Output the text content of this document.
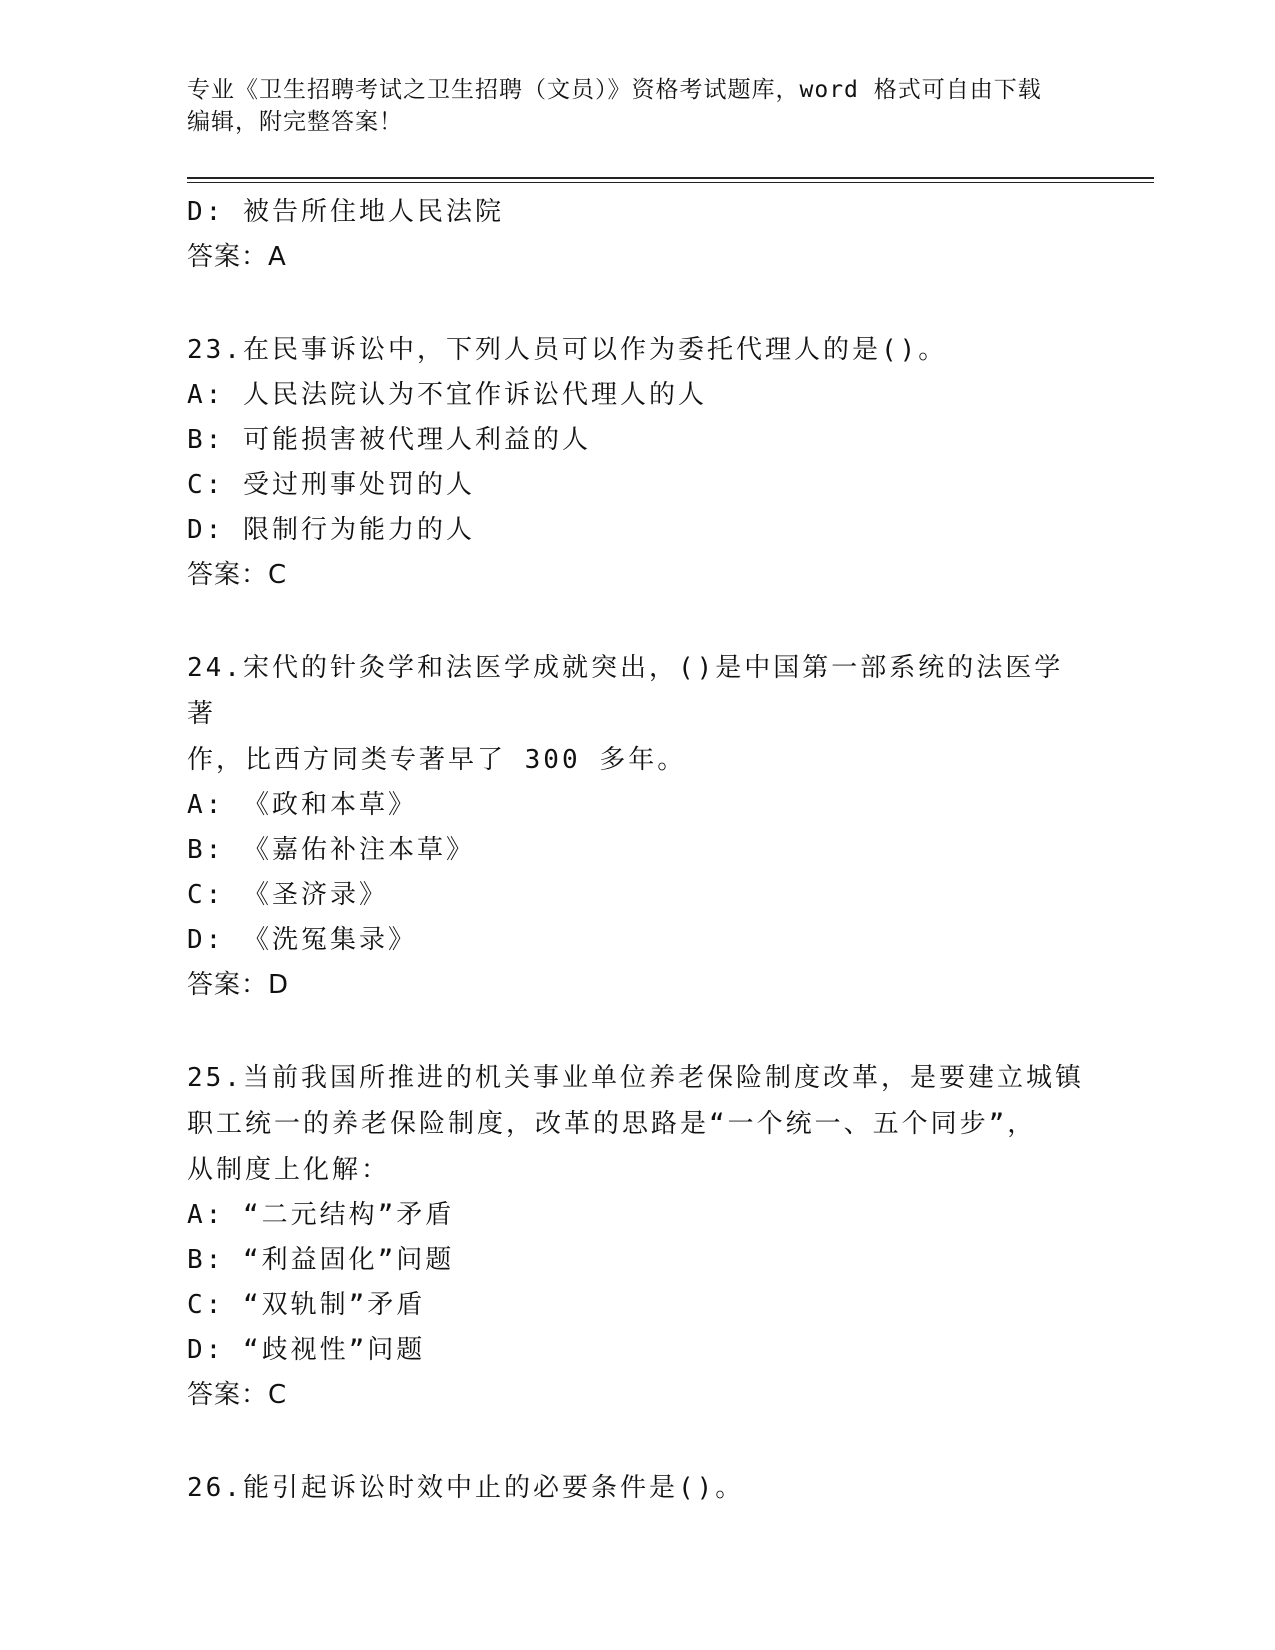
专业《卫生招聘考试之卫生招聘（文员）》资格考试题库，word 格式可自由下载
编辑，附完整答案！

D: 被告所住地人民法院

答案：A

23.在民事诉讼中，下列人员可以作为委托代理人的是()。

A: 人民法院认为不宜作诉讼代理人的人

B: 可能损害被代理人利益的人

C: 受过刑事处罚的人

D: 限制行为能力的人

答案：C

24.宋代的针灸学和法医学成就突出，()是中国第一部系统的法医学著

作，比西方同类专著早了 300 多年。

A: 《政和本草》

B: 《嘉佑补注本草》

C: 《圣济录》

D: 《洗冤集录》

答案：D

25.当前我国所推进的机关事业单位养老保险制度改革，是要建立城镇

职工统一的养老保险制度，改革的思路是“一个统一、五个同步”，

从制度上化解：

A: “二元结构”矛盾

B: “利益固化”问题

C: “双轨制”矛盾

D: “歧视性”问题

答案：C

26.能引起诉讼时效中止的必要条件是()。
